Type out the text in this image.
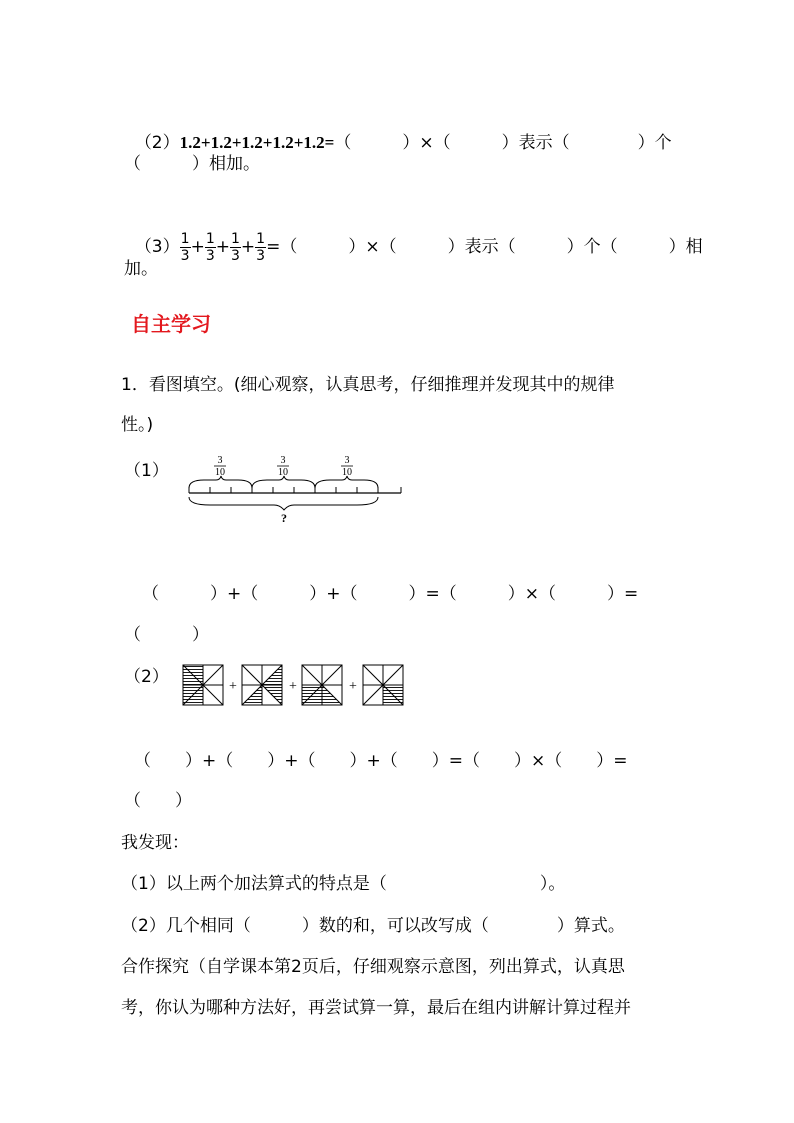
（2）1.2+1.2+1.2+1.2+1.2=（　　　）×（　　　）表示（　　　　）个

（　　　）相加。

$(3) \frac{1}{3} + \frac{1}{3} + \frac{1}{3} + \frac{1}{3}$ =（　　　）×（　　　）表示（　　　）个（　　　）相

加。
自主学习
1．看图填空。(细心观察，认真思考，仔细推理并发现其中的规律
性。)
（1）
3
10
3
10
3
10
?
（　　　）+（　　　）+（　　　）=（　　　）×（　　　）=
（　　　）
（2）	+	+	+
（　　）+（　　）+（　　）+（　　）=（　　）×（　　）=
（　　）
我发现：
（1）以上两个加法算式的特点是（　　　　　　　　　）。
（2）几个相同（　　　）数的和，可以改写成（　　　　）算式。
合作探究（自学课本第2页后，仔细观察示意图，列出算式，认真思
考，你认为哪种方法好，再尝试算一算，最后在组内讲解计算过程并
